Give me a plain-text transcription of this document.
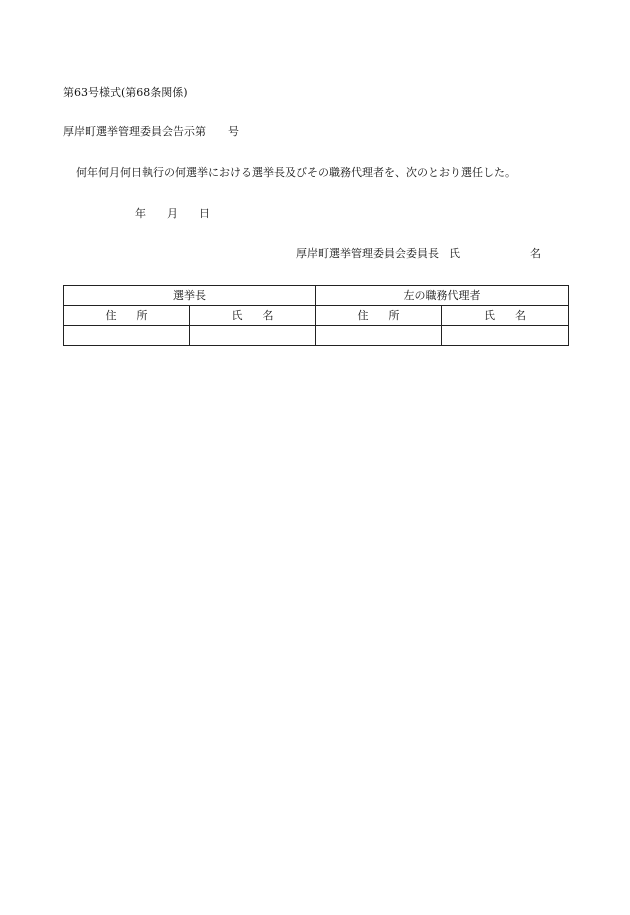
第63号様式(第68条関係)
厚岸町選挙管理委員会告示第 号
何年何月何日執行の何選挙における選挙長及びその職務代理者を、次のとおり選任した。
年 月 日
厚岸町選挙管理委員会委員長 氏	名
選挙長		左の職務代理者	
住 所	氏 名	住 所	氏 名
